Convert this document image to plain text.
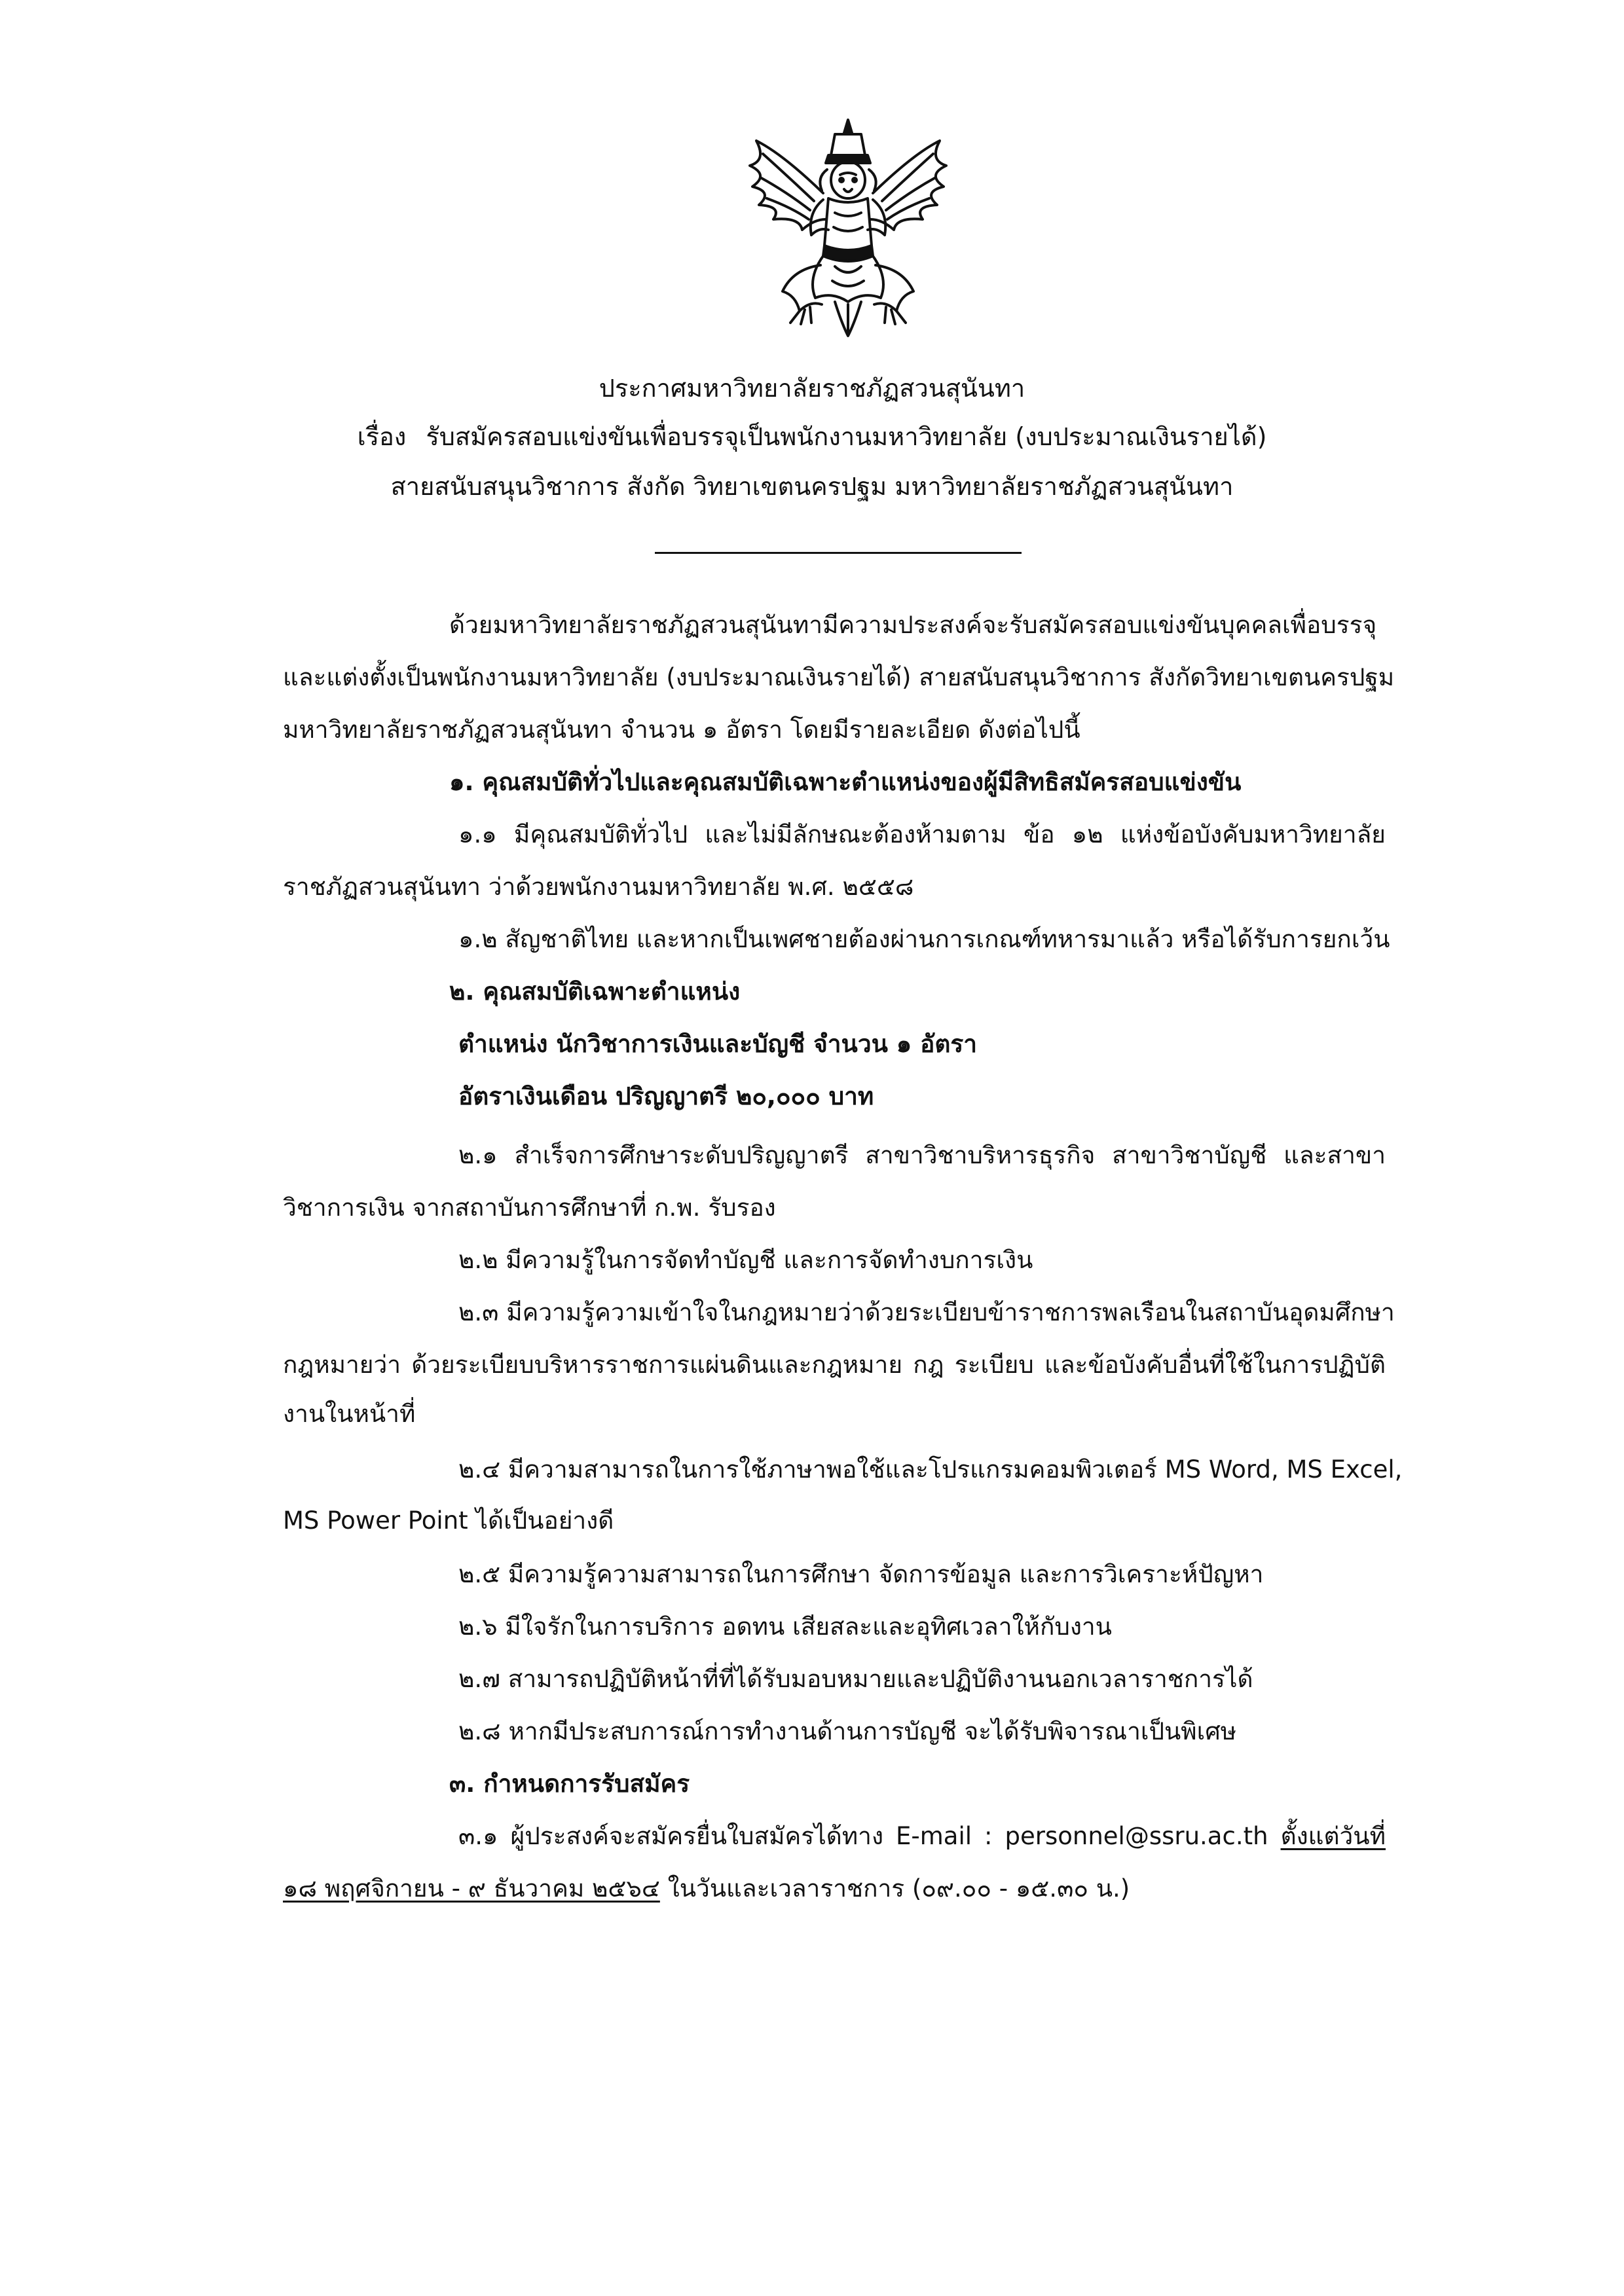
ประกาศมหาวิทยาลัยราชภัฏสวนสุนันทา
เรื่อง รับสมัครสอบแข่งขันเพื่อบรรจุเป็นพนักงานมหาวิทยาลัย (งบประมาณเงินรายได้)
สายสนับสนุนวิชาการ สังกัด วิทยาเขตนครปฐม มหาวิทยาลัยราชภัฏสวนสุนันทา
ด้วยมหาวิทยาลัยราชภัฏสวนสุนันทามีความประสงค์จะรับสมัครสอบแข่งขันบุคคลเพื่อบรรจุ
และแต่งตั้งเป็นพนักงานมหาวิทยาลัย (งบประมาณเงินรายได้) สายสนับสนุนวิชาการ สังกัดวิทยาเขตนครปฐม
มหาวิทยาลัยราชภัฏสวนสุนันทา จำนวน ๑ อัตรา โดยมีรายละเอียด ดังต่อไปนี้
๑. คุณสมบัติทั่วไปและคุณสมบัติเฉพาะตำแหน่งของผู้มีสิทธิสมัครสอบแข่งขัน
๑.๑ มีคุณสมบัติทั่วไป และไม่มีลักษณะต้องห้ามตาม ข้อ ๑๒ แห่งข้อบังคับมหาวิทยาลัย
ราชภัฏสวนสุนันทา ว่าด้วยพนักงานมหาวิทยาลัย พ.ศ. ๒๕๕๘
๑.๒ สัญชาติไทย และหากเป็นเพศชายต้องผ่านการเกณฑ์ทหารมาแล้ว หรือได้รับการยกเว้น
๒. คุณสมบัติเฉพาะตำแหน่ง
ตำแหน่ง นักวิชาการเงินและบัญชี จำนวน ๑ อัตรา
อัตราเงินเดือน ปริญญาตรี ๒๐,๐๐๐ บาท
๒.๑ สำเร็จการศึกษาระดับปริญญาตรี สาขาวิชาบริหารธุรกิจ สาขาวิชาบัญชี และสาขา
วิชาการเงิน จากสถาบันการศึกษาที่ ก.พ. รับรอง
๒.๒ มีความรู้ในการจัดทำบัญชี และการจัดทำงบการเงิน
๒.๓ มีความรู้ความเข้าใจในกฎหมายว่าด้วยระเบียบข้าราชการพลเรือนในสถาบันอุดมศึกษา
กฎหมายว่า ด้วยระเบียบบริหารราชการแผ่นดินและกฎหมาย กฎ ระเบียบ และข้อบังคับอื่นที่ใช้ในการปฏิบัติ
งานในหน้าที่
๒.๔ มีความสามารถในการใช้ภาษาพอใช้และโปรแกรมคอมพิวเตอร์ MS Word, MS Excel,
MS Power Point ได้เป็นอย่างดี
๒.๕ มีความรู้ความสามารถในการศึกษา จัดการข้อมูล และการวิเคราะห์ปัญหา
๒.๖ มีใจรักในการบริการ อดทน เสียสละและอุทิศเวลาให้กับงาน
๒.๗ สามารถปฏิบัติหน้าที่ที่ได้รับมอบหมายและปฏิบัติงานนอกเวลาราชการได้
๒.๘ หากมีประสบการณ์การทำงานด้านการบัญชี จะได้รับพิจารณาเป็นพิเศษ
๓. กำหนดการรับสมัคร
๓.๑ ผู้ประสงค์จะสมัครยื่นใบสมัครได้ทาง E-mail : personnel@ssru.ac.th ตั้งแต่วันที่
๑๘ พฤศจิกายน - ๙ ธันวาคม ๒๕๖๔ ในวันและเวลาราชการ (๐๙.๐๐ - ๑๕.๓๐ น.)
